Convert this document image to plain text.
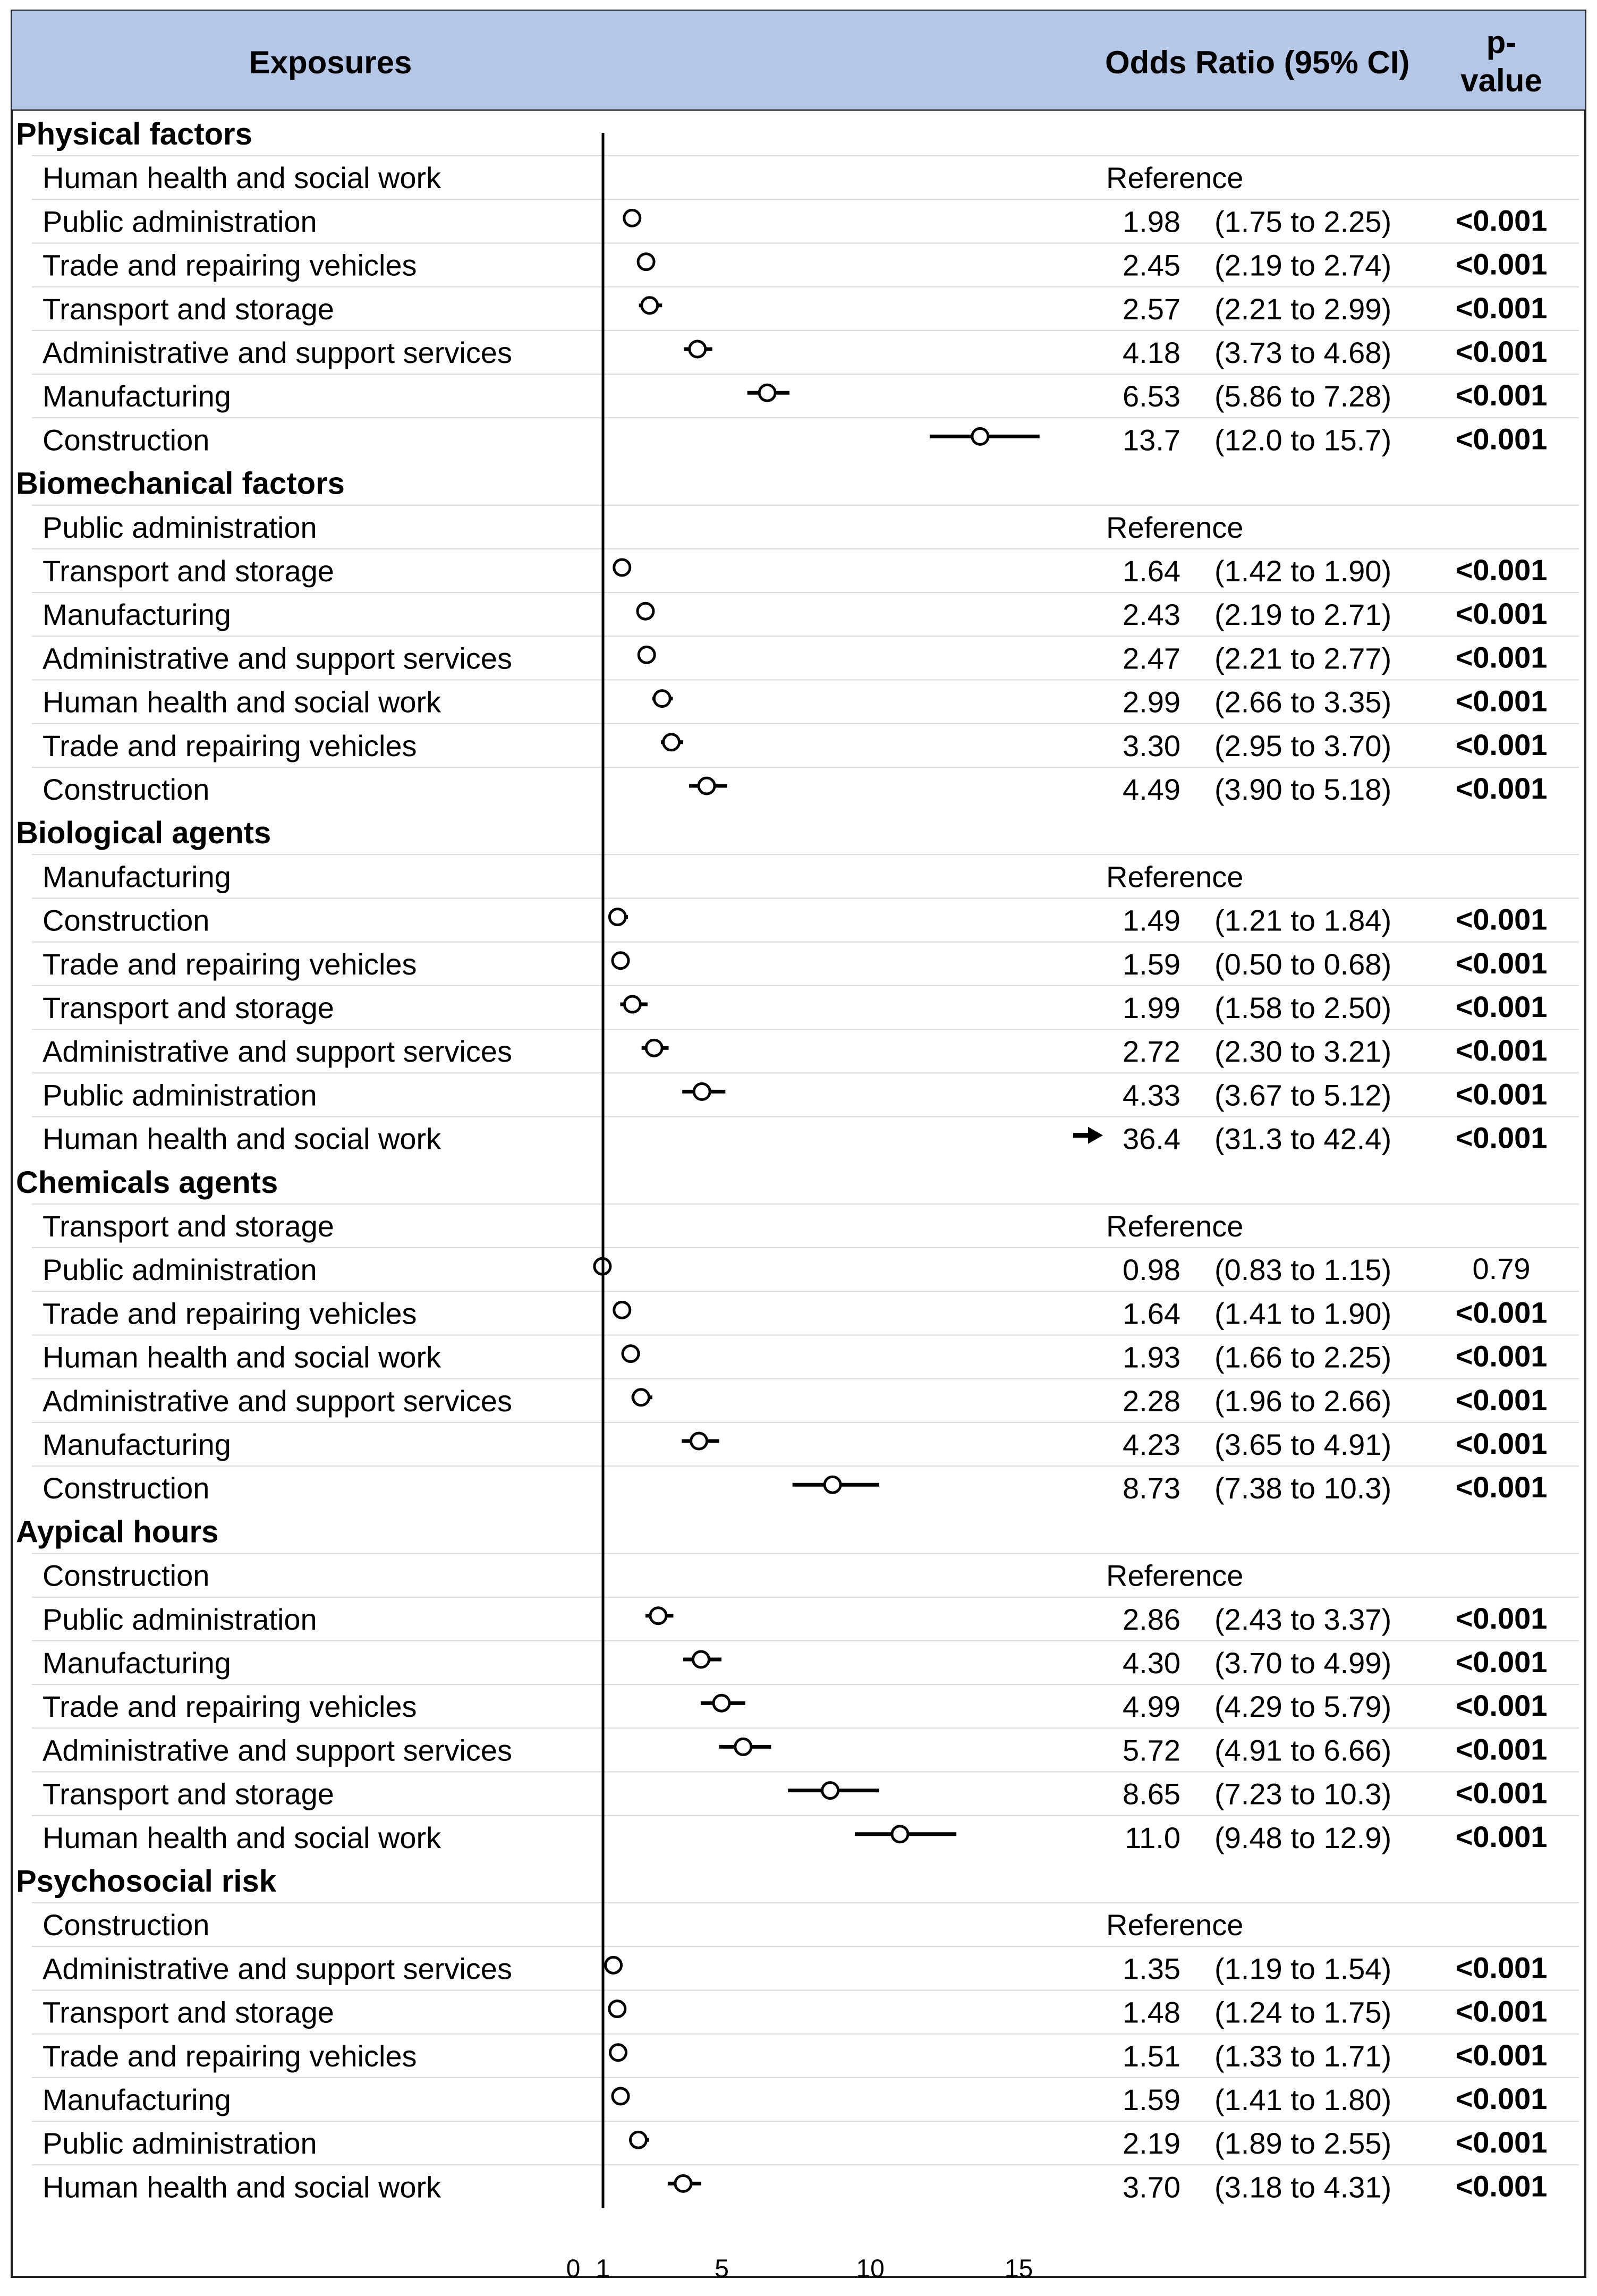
Exposures	Odds Ratio (95% CI)
p-
value
Physical factors
Human health and social work	Reference
Public administration	1.98 (1.75 to 2.25) <0.001
Trade and repairing vehicles	2.45 (2.19 to 2.74) <0.001
Transport and storage	2.57 (2.21 to 2.99) <0.001
Administrative and support services	4.18 (3.73 to 4.68) <0.001
Manufacturing	6.53 (5.86 to 7.28) <0.001
Construction	13.7 (12.0 to 15.7) <0.001
Biomechanical factors
Public administration	Reference
Transport and storage	1.64 (1.42 to 1.90) <0.001
Manufacturing	2.43 (2.19 to 2.71) <0.001
Administrative and support services	2.47 (2.21 to 2.77) <0.001
Human health and social work	2.99 (2.66 to 3.35) <0.001
Trade and repairing vehicles	3.30 (2.95 to 3.70) <0.001
Construction	4.49 (3.90 to 5.18) <0.001
Biological agents
Manufacturing	Reference
Construction	1.49 (1.21 to 1.84) <0.001
Trade and repairing vehicles	1.59 (0.50 to 0.68) <0.001
Transport and storage	1.99 (1.58 to 2.50) <0.001
Administrative and support services	2.72 (2.30 to 3.21) <0.001
Public administration	4.33 (3.67 to 5.12) <0.001
Human health and social work	36.4 (31.3 to 42.4) <0.001
Chemicals agents
Transport and storage	Reference
Public administration	0.98 (0.83 to 1.15)	0.79
Trade and repairing vehicles	1.64 (1.41 to 1.90) <0.001
Human health and social work	1.93 (1.66 to 2.25) <0.001
Administrative and support services	2.28 (1.96 to 2.66) <0.001
Manufacturing	4.23 (3.65 to 4.91) <0.001
Construction	8.73 (7.38 to 10.3) <0.001
Aypical hours
Construction	Reference
Public administration	2.86 (2.43 to 3.37) <0.001
Manufacturing	4.30 (3.70 to 4.99) <0.001
Trade and repairing vehicles	4.99 (4.29 to 5.79) <0.001
Administrative and support services	5.72 (4.91 to 6.66) <0.001
Transport and storage	8.65 (7.23 to 10.3) <0.001
Human health and social work	11.0 (9.48 to 12.9) <0.001
Psychosocial risk
Construction	Reference
Administrative and support services	1.35 (1.19 to 1.54) <0.001
Transport and storage	1.48 (1.24 to 1.75) <0.001
Trade and repairing vehicles	1.51 (1.33 to 1.71) <0.001
Manufacturing	1.59 (1.41 to 1.80) <0.001
Public administration	2.19 (1.89 to 2.55) <0.001
Human health and social work	3.70 (3.18 to 4.31) <0.001
0 1	5	10	15
